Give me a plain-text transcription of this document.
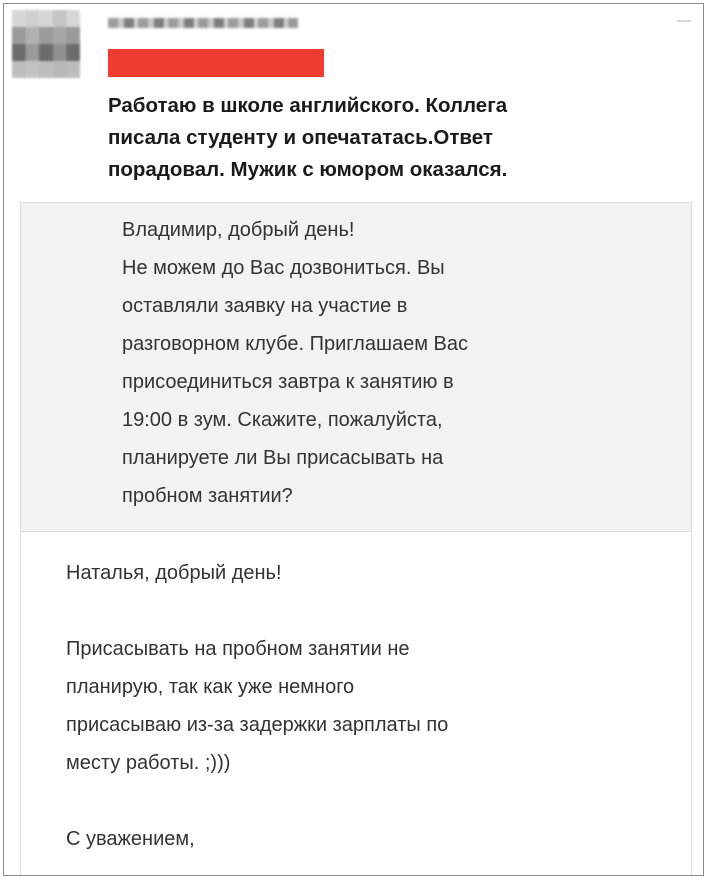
Работаю в школе английского. Коллега
писала студенту и опечататась.Ответ
порадовал. Мужик с юмором оказался.

Владимир, добрый день!
Не можем до Вас дозвониться. Вы
оставляли заявку на участие в
разговорном клубе. Приглашаем Вас
присоединиться завтра к занятию в
19:00 в зум. Скажите, пожалуйста,
планируете ли Вы присасывать на
пробном занятии?

Наталья, добрый день!
Присасывать на пробном занятии не
планирую, так как уже немного
присасываю из-за задержки зарплаты по
месту работы. ;)))
С уважением,
